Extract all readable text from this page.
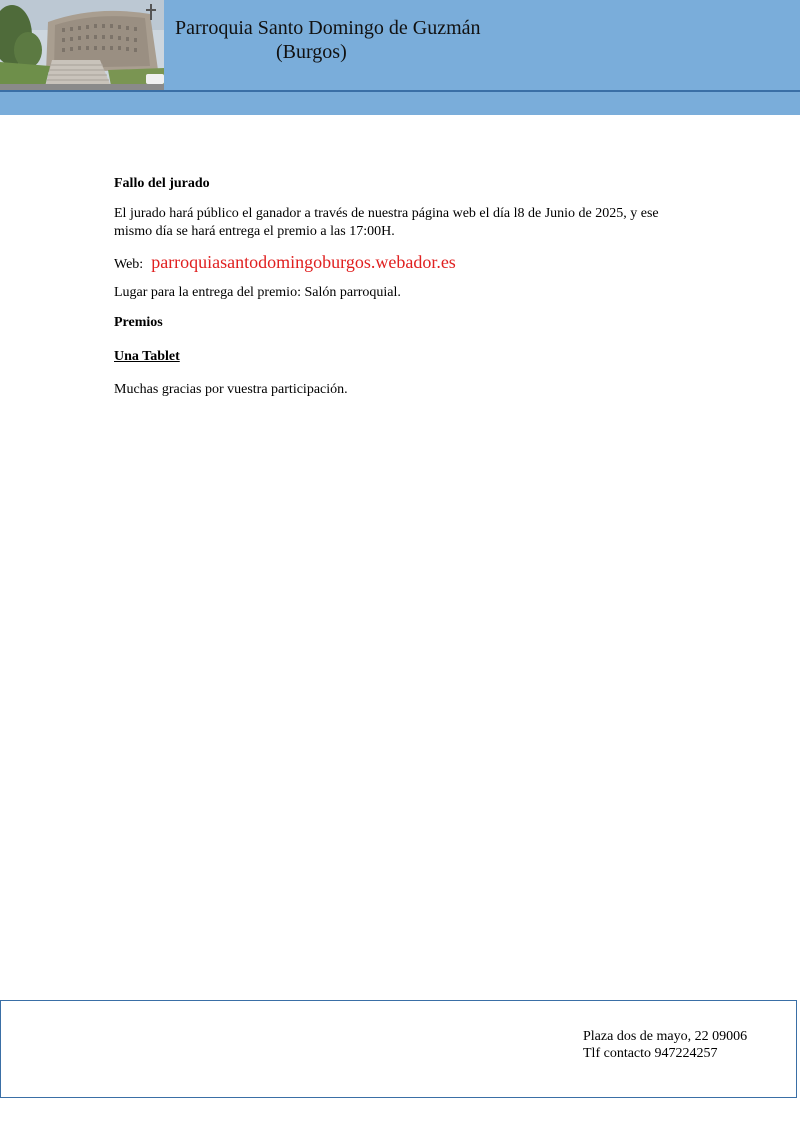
Parroquia Santo Domingo de Guzmán
(Burgos)
Fallo del jurado
El jurado hará público el ganador a través de nuestra página web el día l8 de Junio de 2025, y ese mismo día se hará entrega el premio a las 17:00H.
Web: parroquiasantodomingoburgos.webador.es
Lugar para la entrega del premio: Salón parroquial.
Premios
Una Tablet
Muchas gracias por vuestra participación.
Plaza dos de mayo, 22 09006
Tlf contacto 947224257
